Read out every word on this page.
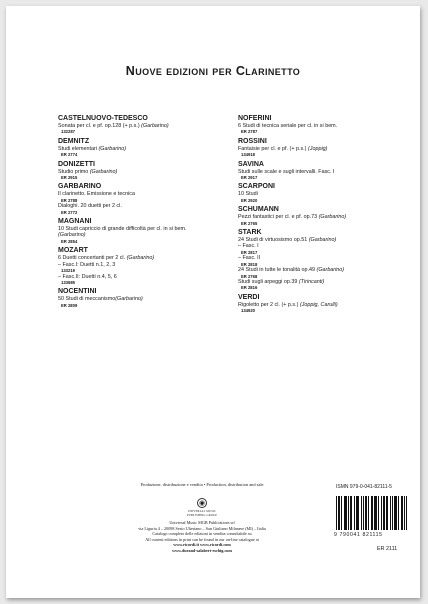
Nuove edizioni per Clarinetto
CASTELNUOVO-TEDESCO
Sonata per cl. e pf. op.128 (+ p.s.) (Garbarino)
132287
DEMNITZ
Studi elementari (Garbarino)
ER 2774
DONIZETTI
Studio primo (Garbarino)
ER 2915
GARBARINO
Il clarinetto. Emissione e tecnica
ER 2788
Dialoghi. 20 duetti per 2 cl.
ER 2772
MAGNANI
10 Studi capriccio di grande difficoltà per cl. in si bem.
(Garbarino)
ER 2854
MOZART
6 Duetti concertanti per 2 cl. (Garbarino)
– Fasc.I: Duetti n.1, 2, 3
133219
– Fasc.II: Duetti n.4, 5, 6
133685
NOCENTINI
50 Studi di meccanismo(Garbarino)
ER 2809
NOFERINI
6 Studi di tecnica seriale per cl. in si bem.
ER 2787
ROSSINI
Fantaisie per cl. e pf. (+ p.s.) (Joppig)
134918
SAVINA
Studi sulle scale e sugli intervalli. Fasc. I
ER 2917
SCARPONI
10 Studi
ER 2920
SCHUMANN
Pezzi fantastici per cl. e pf. op.73 (Garbarino)
ER 2765
STARK
24 Studi di virtuosismo op.51 (Garbarino)
– Fasc. I
ER 2817
– Fasc. II
ER 2818
24 Studi in tutte le tonalità op.49 (Garbarino)
ER 2768
Studi sugli arpeggi op.39 (Tirincanti)
ER 2816
VERDI
Rigoletto per 2 cl. (+ p.s.) (Joppig, Carulli)
134920
Produzione, distribuzione e vendita • Production, distribution and sale
◉
UNIVERSAL MUSIC PUBLISHING GROUP
Universal Music MGB Publications srl
via Liguria 4 – 20098 Sesto Ulteriano – San Giuliano Milanese (MI) – Italia
Catalogo completo delle edizioni in vendita consultabile su
All current editions in print can be found in our on-line catalogue at
www.ricordi.it www.ricordi.com
www.durand-salabert-eschig.com
ISMN 979-0-041-82111-5
9 790041 821115
ER 2111
